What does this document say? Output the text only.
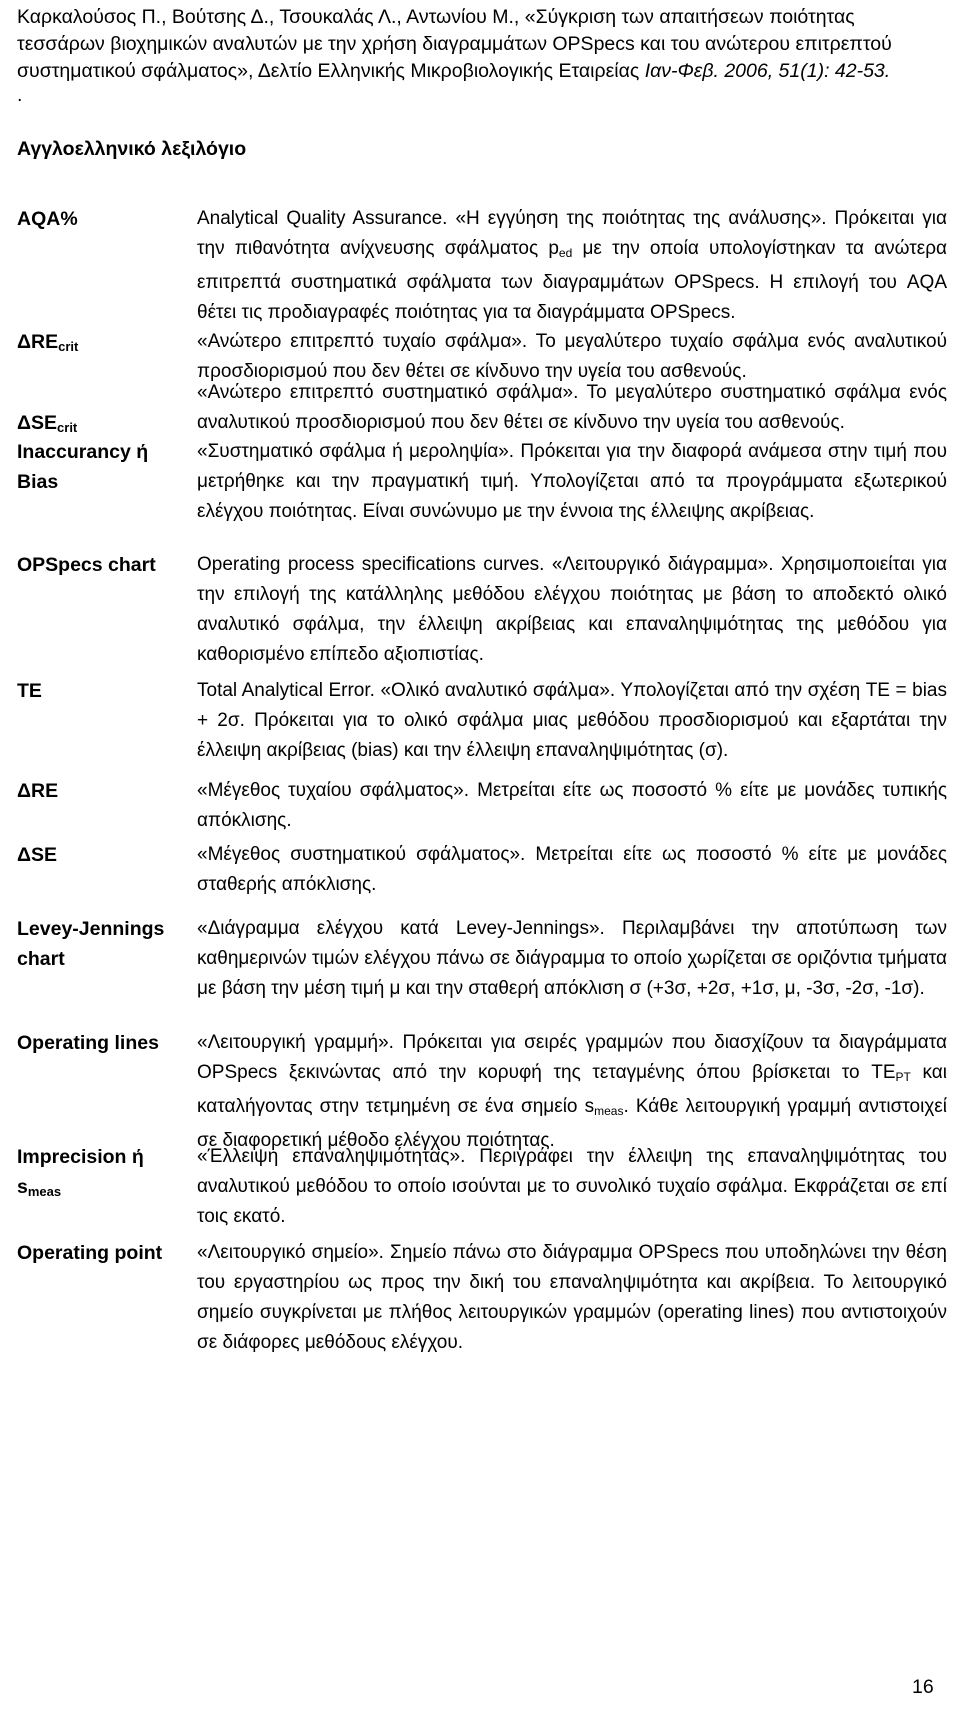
Καρκαλούσος Π., Βούτσης Δ., Τσουκαλάς Λ., Αντωνίου Μ., «Σύγκριση των απαιτήσεων ποιότητας τεσσάρων βιοχημικών αναλυτών με την χρήση διαγραμμάτων OPSpecs και του ανώτερου επιτρεπτού συστηματικού σφάλματος», Δελτίο Ελληνικής Μικροβιολογικής Εταιρείας Ιαν-Φεβ. 2006, 51(1): 42-53.

.
Αγγλοελληνικό λεξιλόγιο
AQA%
$\Delta RE_{crit}$
$\Delta SE_{crit}$
Inaccurancy ή Bias
OPSpecs chart
TE
ΔRE
ΔSE
Levey-Jennings chart
Operating lines
Imprecision ή $s_{meas}$
Operating point

Analytical Quality Assurance. «Η εγγύηση της ποιότητας της ανάλυσης». Πρόκειται για την πιθανότητα ανίχνευσης σφάλματος $p_{ed}$ με την οποία υπολογίστηκαν τα ανώτερα επιτρεπτά συστηματικά σφάλματα των διαγραμμάτων OPSpecs. Η επιλογή του AQA θέτει τις προδιαγραφές ποιότητας για τα διαγράμματα OPSpecs.

«Ανώτερο επιτρεπτό τυχαίο σφάλμα». Το μεγαλύτερο τυχαίο σφάλμα ενός αναλυτικού προσδιορισμού που δεν θέτει σε κίνδυνο την υγεία του ασθενούς.

«Ανώτερο επιτρεπτό συστηματικό σφάλμα». Το μεγαλύτερο συστηματικό σφάλμα ενός αναλυτικού προσδιορισμού που δεν θέτει σε κίνδυνο την υγεία του ασθενούς.

«Συστηματικό σφάλμα ή μεροληψία». Πρόκειται για την διαφορά ανάμεσα στην τιμή που μετρήθηκε και την πραγματική τιμή. Υπολογίζεται από τα προγράμματα εξωτερικού ελέγχου ποιότητας. Είναι συνώνυμο με την έννοια της έλλειψης ακρίβειας.

Operating process specifications curves. «Λειτουργικό διάγραμμα». Χρησιμοποιείται για την επιλογή της κατάλληλης μεθόδου ελέγχου ποιότητας με βάση το αποδεκτό ολικό αναλυτικό σφάλμα, την έλλειψη ακρίβειας και επαναληψιμότητας της μεθόδου για καθορισμένο επίπεδο αξιοπιστίας.

Total Analytical Error. «Ολικό αναλυτικό σφάλμα». Υπολογίζεται από την σχέση TE = bias + 2σ. Πρόκειται για το ολικό σφάλμα μιας μεθόδου προσδιορισμού και εξαρτάται την έλλειψη ακρίβειας (bias) και την έλλειψη επαναληψιμότητας (σ).

«Μέγεθος τυχαίου σφάλματος». Μετρείται είτε ως ποσοστό % είτε με μονάδες τυπικής απόκλισης.

«Μέγεθος συστηματικού σφάλματος». Μετρείται είτε ως ποσοστό % είτε με μονάδες σταθερής απόκλισης.

«Διάγραμμα ελέγχου κατά Levey-Jennings». Περιλαμβάνει την αποτύπωση των καθημερινών τιμών ελέγχου πάνω σε διάγραμμα το οποίο χωρίζεται σε οριζόντια τμήματα με βάση την μέση τιμή μ και την σταθερή απόκλιση σ (+3σ, +2σ, +1σ, μ, -3σ, -2σ, -1σ).

«Λειτουργική γραμμή». Πρόκειται για σειρές γραμμών που διασχίζουν τα διαγράμματα OPSpecs ξεκινώντας από την κορυφή της τεταγμένης όπου βρίσκεται το $TE_{PT}$ και καταλήγοντας στην τετμημένη σε ένα σημείο $s_{meas}$. Κάθε λειτουργική γραμμή αντιστοιχεί σε διαφορετική μέθοδο ελέγχου ποιότητας.

«Έλλειψη επαναληψιμότητας». Περιγράφει την έλλειψη της επαναληψιμότητας του αναλυτικού μεθόδου το οποίο ισούνται με το συνολικό τυχαίο σφάλμα. Εκφράζεται σε επί τοις εκατό.

«Λειτουργικό σημείο». Σημείο πάνω στο διάγραμμα OPSpecs που υποδηλώνει την θέση του εργαστηρίου ως προς την δική του επαναληψιμότητα και ακρίβεια. Το λειτουργικό σημείο συγκρίνεται με πλήθος λειτουργικών γραμμών (operating lines) που αντιστοιχούν σε διάφορες μεθόδους ελέγχου.

16
